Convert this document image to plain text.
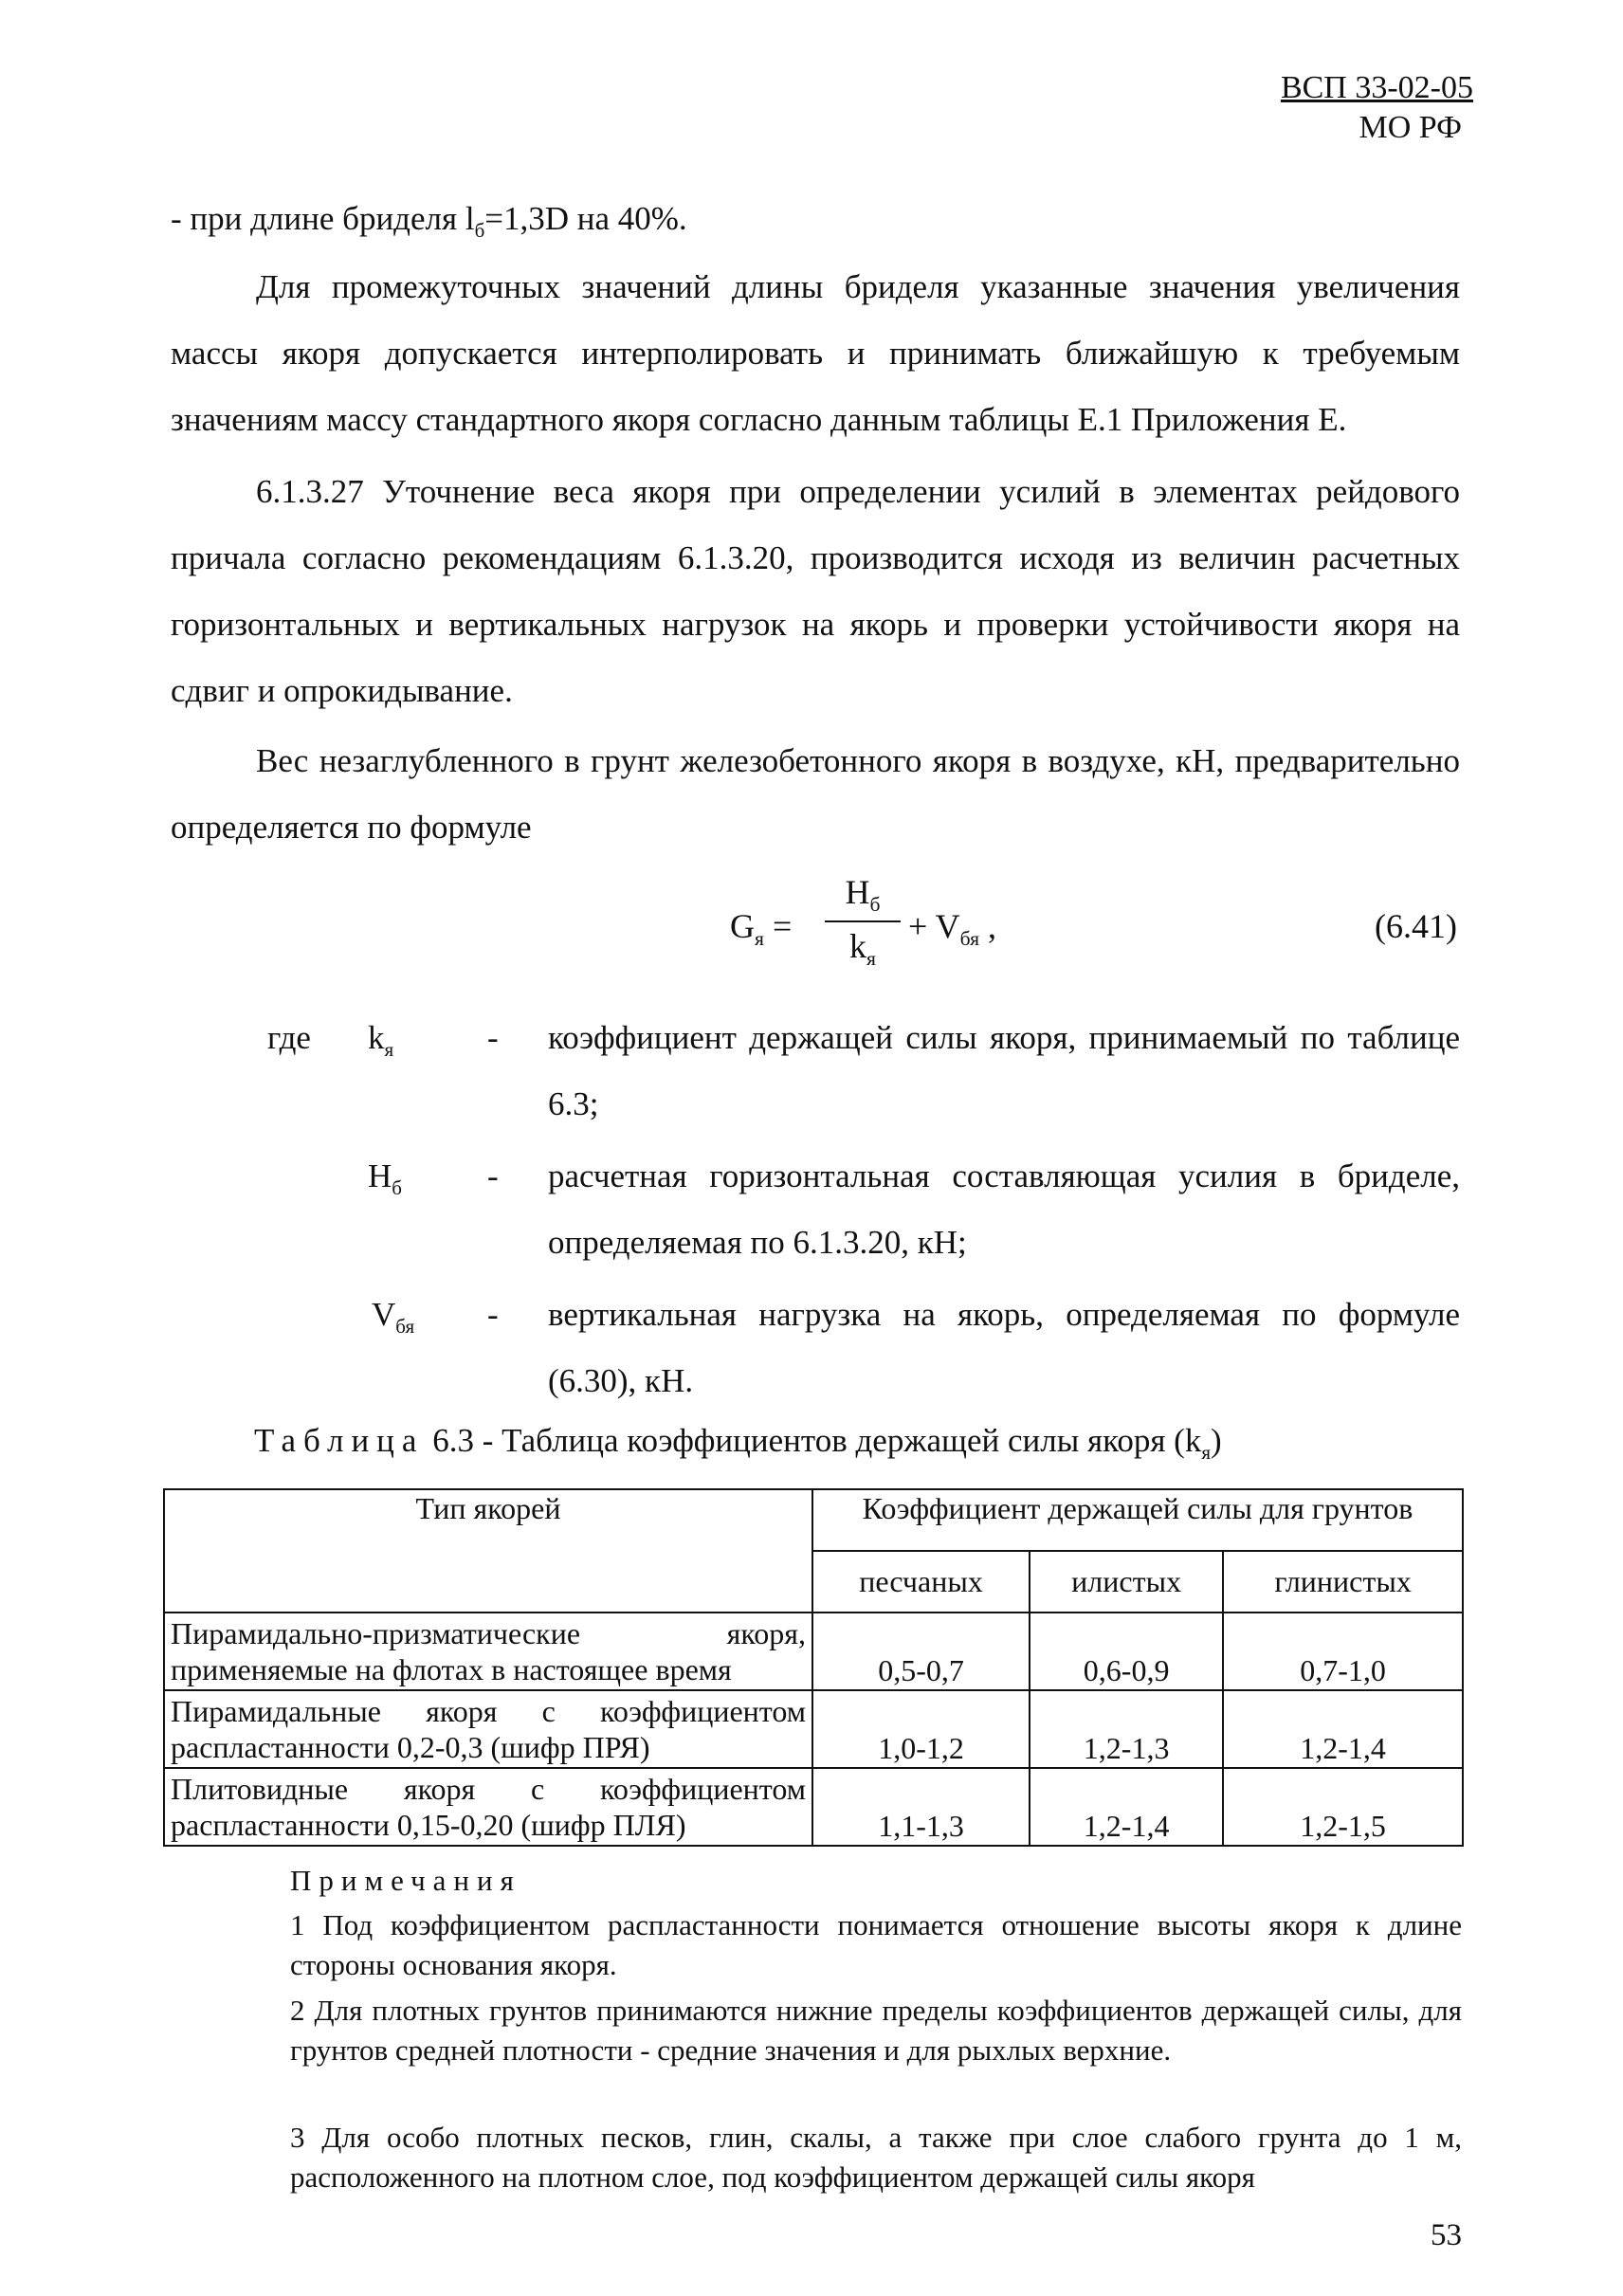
ВСП 33-02-05
МО РФ
- при длине бриделя $l_б=1,3D$ на 40%.
Для промежуточных значений длины бриделя указанные значения увеличения массы якоря допускается интерполировать и принимать ближайшую к требуемым значениям массу стандартного якоря согласно данным таблицы Е.1 Приложения Е.
6.1.3.27 Уточнение веса якоря при определении усилий в элементах рейдового причала согласно рекомендациям 6.1.3.20, производится исходя из величин расчетных горизонтальных и вертикальных нагрузок на якорь и проверки устойчивости якоря на сдвиг и опрокидывание.
Вес незаглубленного в грунт железобетонного якоря в воздухе, кН, предварительно определяется по формуле
$G_я$ =
$H_б$
$k_я$
+ $V_{бя}$ ,	(6.41)
где $k_я$	- коэффициент держащей силы якоря, принимаемый по таблице 6.3;
$H_б$	- расчетная горизонтальная составляющая усилия в бриделе, определяемая по 6.1.3.20, кН;
$V_{бя}$ - вертикальная нагрузка на якорь, определяемая по формуле (6.30), кН.
Таблица 6.3 - Таблица коэффициентов держащей силы якоря $(k_я)$
Тип якорей	Коэффициент держащей силы для грунтов		
	песчаных	илистых	глинистых
Пирамидально-призматические якоря, применяемые на флотах в настоящее время	0,5-0,7	0,6-0,9	0,7-1,0
Пирамидальные якоря с коэффициентом распластанности 0,2-0,3 (шифр ПРЯ)	1,0-1,2	1,2-1,3	1,2-1,4
Плитовидные якоря с коэффициентом распластанности 0,15-0,20 (шифр ПЛЯ)	1,1-1,3	1,2-1,4	1,2-1,5
Примечания
1 Под коэффициентом распластанности понимается отношение высоты якоря к длине стороны основания якоря.
2 Для плотных грунтов принимаются нижние пределы коэффициентов держащей силы, для грунтов средней плотности - средние значения и для рыхлых верхние.
3 Для особо плотных песков, глин, скалы, а также при слое слабого грунта до 1 м, расположенного на плотном слое, под коэффициентом держащей силы якоря
53
